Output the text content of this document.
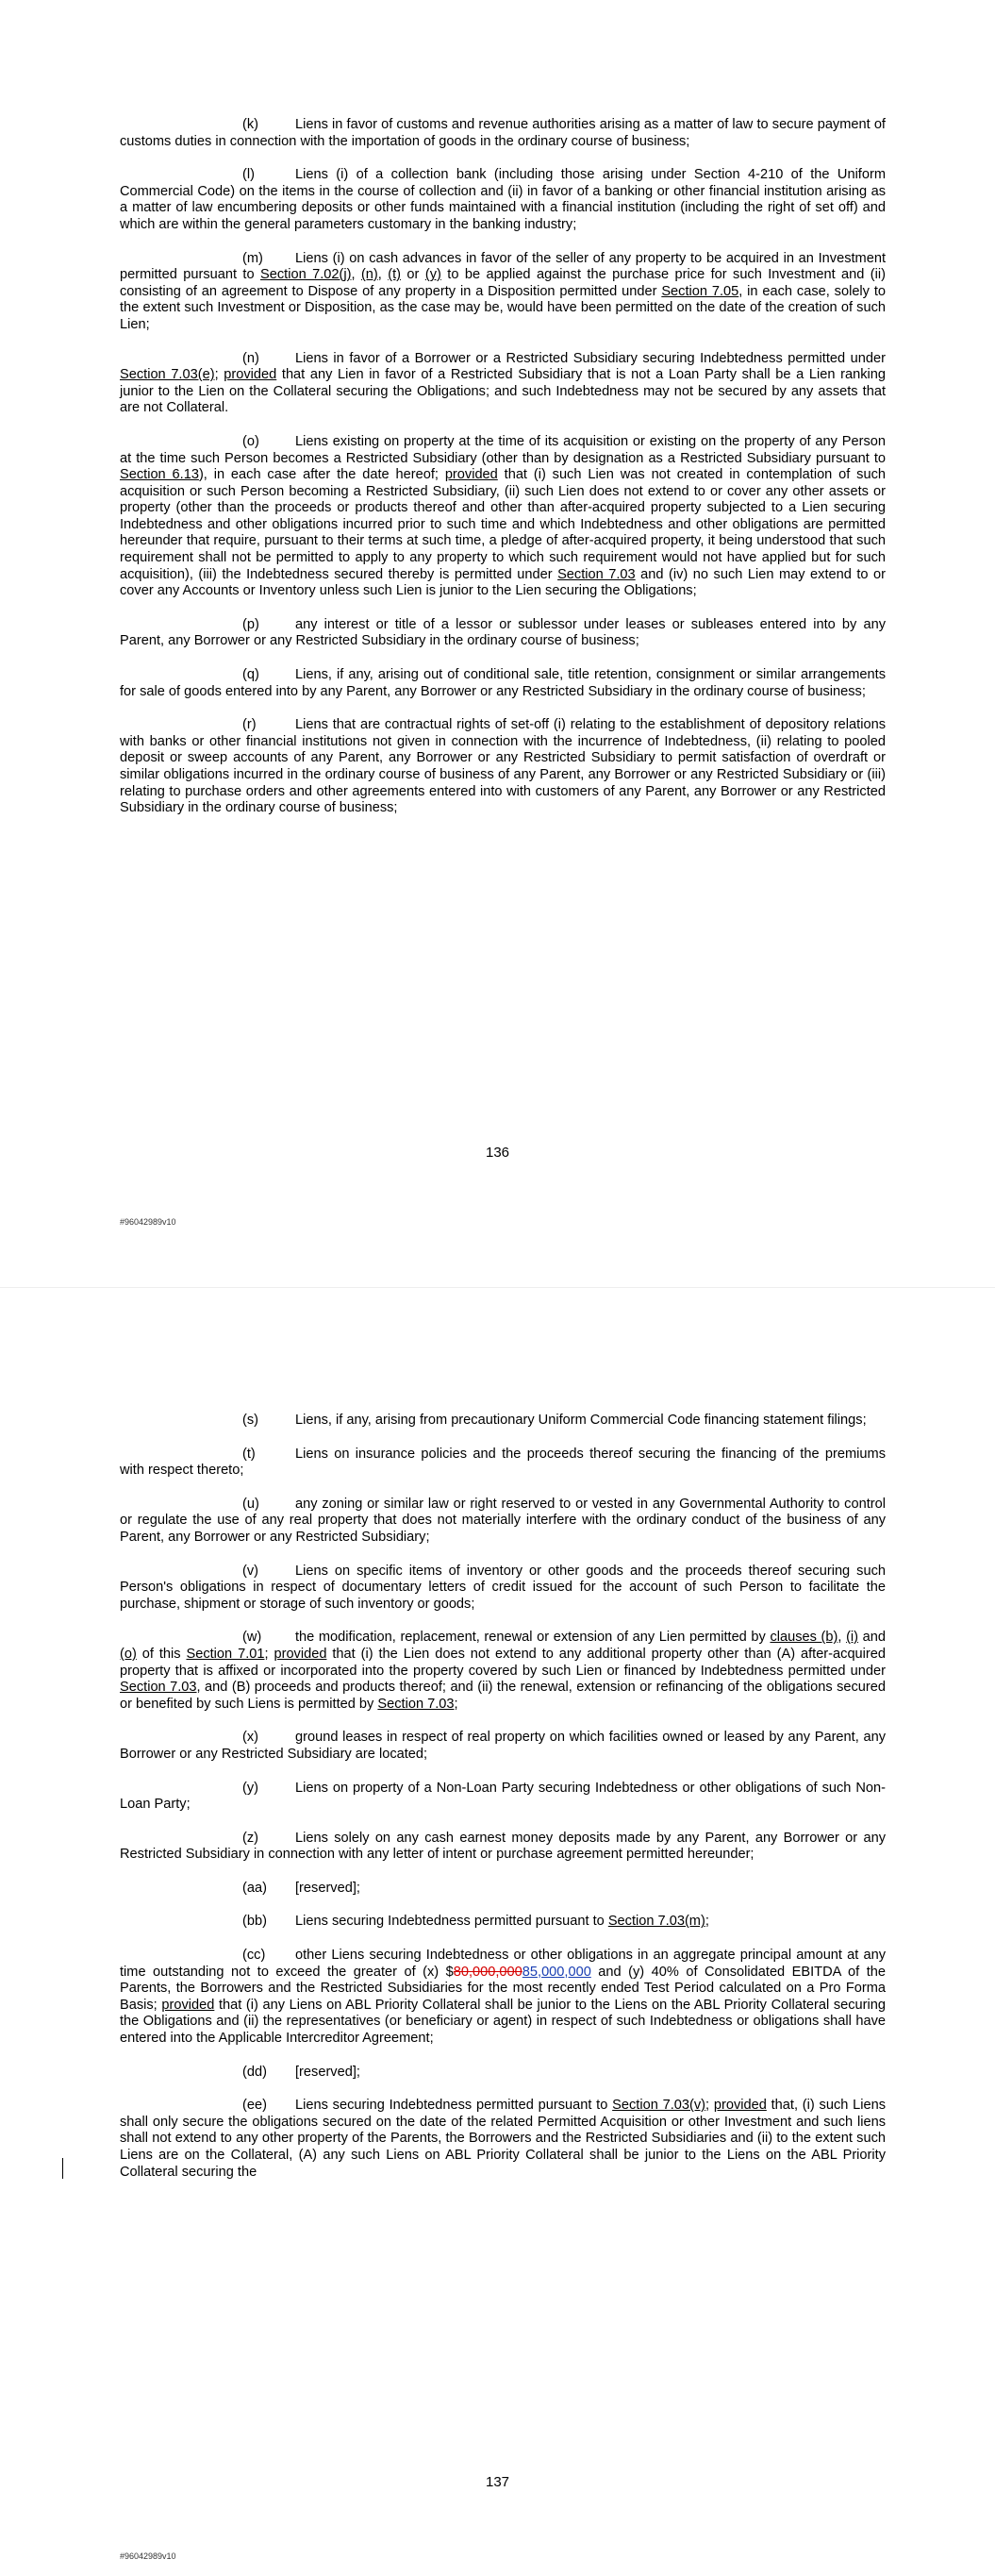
(k)	Liens in favor of customs and revenue authorities arising as a matter of law to secure payment of customs duties in connection with the importation of goods in the ordinary course of business;

(l)	Liens (i) of a collection bank (including those arising under Section 4-210 of the Uniform Commercial Code) on the items in the course of collection and (ii) in favor of a banking or other financial institution arising as a matter of law encumbering deposits or other funds maintained with a financial institution (including the right of set off) and which are within the general parameters customary in the banking industry;

(m) Liens (i) on cash advances in favor of the seller of any property to be acquired in an Investment permitted pursuant to Section 7.02(j), (n), (t) or (y) to be applied against the purchase price for such Investment and (ii) consisting of an agreement to Dispose of any property in a Disposition permitted under Section 7.05, in each case, solely to the extent such Investment or Disposition, as the case may be, would have been permitted on the date of the creation of such Lien;

(n)	Liens in favor of a Borrower or a Restricted Subsidiary securing Indebtedness permitted under Section 7.03(e); provided that any Lien in favor of a Restricted Subsidiary that is not a Loan Party shall be a Lien ranking junior to the Lien on the Collateral securing the Obligations; and such Indebtedness may not be secured by any assets that are not Collateral.

(o)	Liens existing on property at the time of its acquisition or existing on the property of any Person at the time such Person becomes a Restricted Subsidiary (other than by designation as a Restricted Subsidiary pursuant to Section 6.13), in each case after the date hereof; provided that (i) such Lien was not created in contemplation of such acquisition or such Person becoming a Restricted Subsidiary, (ii) such Lien does not extend to or cover any other assets or property (other than the proceeds or products thereof and other than after-acquired property subjected to a Lien securing Indebtedness and other obligations incurred prior to such time and which Indebtedness and other obligations are permitted hereunder that require, pursuant to their terms at such time, a pledge of after-acquired property, it being understood that such requirement shall not be permitted to apply to any property to which such requirement would not have applied but for such acquisition), (iii) the Indebtedness secured thereby is permitted under Section 7.03 and (iv) no such Lien may extend to or cover any Accounts or Inventory unless such Lien is junior to the Lien securing the Obligations;

(p)	any interest or title of a lessor or sublessor under leases or subleases entered into by any Parent, any Borrower or any Restricted Subsidiary in the ordinary course of business;

(q)	Liens, if any, arising out of conditional sale, title retention, consignment or similar arrangements for sale of goods entered into by any Parent, any Borrower or any Restricted Subsidiary in the ordinary course of business;

(r)	Liens that are contractual rights of set-off (i) relating to the establishment of depository relations with banks or other financial institutions not given in connection with the incurrence of Indebtedness, (ii) relating to pooled deposit or sweep accounts of any Parent, any Borrower or any Restricted Subsidiary to permit satisfaction of overdraft or similar obligations incurred in the ordinary course of business of any Parent, any Borrower or any Restricted Subsidiary or (iii) relating to purchase orders and other agreements entered into with customers of any Parent, any Borrower or any Restricted Subsidiary in the ordinary course of business;

136
#96042989v10

(s)	Liens, if any, arising from precautionary Uniform Commercial Code financing statement filings;

(t)	Liens on insurance policies and the proceeds thereof securing the financing of the premiums with respect thereto;

(u)	any zoning or similar law or right reserved to or vested in any Governmental Authority to control or regulate the use of any real property that does not materially interfere with the ordinary conduct of the business of any Parent, any Borrower or any Restricted Subsidiary;

(v)	Liens on specific items of inventory or other goods and the proceeds thereof securing such Person's obligations in respect of documentary letters of credit issued for the account of such Person to facilitate the purchase, shipment or storage of such inventory or goods;

(w) the modification, replacement, renewal or extension of any Lien permitted by clauses (b), (i) and (o) of this Section 7.01; provided that (i) the Lien does not extend to any additional property other than (A) after-acquired property that is affixed or incorporated into the property covered by such Lien or financed by Indebtedness permitted under Section 7.03, and (B) proceeds and products thereof; and (ii) the renewal, extension or refinancing of the obligations secured or benefited by such Liens is permitted by Section 7.03;

(x)	ground leases in respect of real property on which facilities owned or leased by any Parent, any Borrower or any Restricted Subsidiary are located;

(y)	Liens on property of a Non-Loan Party securing Indebtedness or other obligations of such Non-Loan Party;

(z)	Liens solely on any cash earnest money deposits made by any Parent, any Borrower or any Restricted Subsidiary in connection with any letter of intent or purchase agreement permitted hereunder;

(aa) [reserved];

(bb) Liens securing Indebtedness permitted pursuant to Section 7.03(m);

(cc) other Liens securing Indebtedness or other obligations in an aggregate principal amount at any time outstanding not to exceed the greater of (x) $80,000,00085,000,000 and (y) 40% of Consolidated EBITDA of the Parents, the Borrowers and the Restricted Subsidiaries for the most recently ended Test Period calculated on a Pro Forma Basis; provided that (i) any Liens on ABL Priority Collateral shall be junior to the Liens on the ABL Priority Collateral securing the Obligations and (ii) the representatives (or beneficiary or agent) in respect of such Indebtedness or obligations shall have entered into the Applicable Intercreditor Agreement;

(dd) [reserved];

(ee) Liens securing Indebtedness permitted pursuant to Section 7.03(v); provided that, (i) such Liens shall only secure the obligations secured on the date of the related Permitted Acquisition or other Investment and such liens shall not extend to any other property of the Parents, the Borrowers and the Restricted Subsidiaries and (ii) to the extent such Liens are on the Collateral, (A) any such Liens on ABL Priority Collateral shall be junior to the Liens on the ABL Priority Collateral securing the

137
#96042989v10
